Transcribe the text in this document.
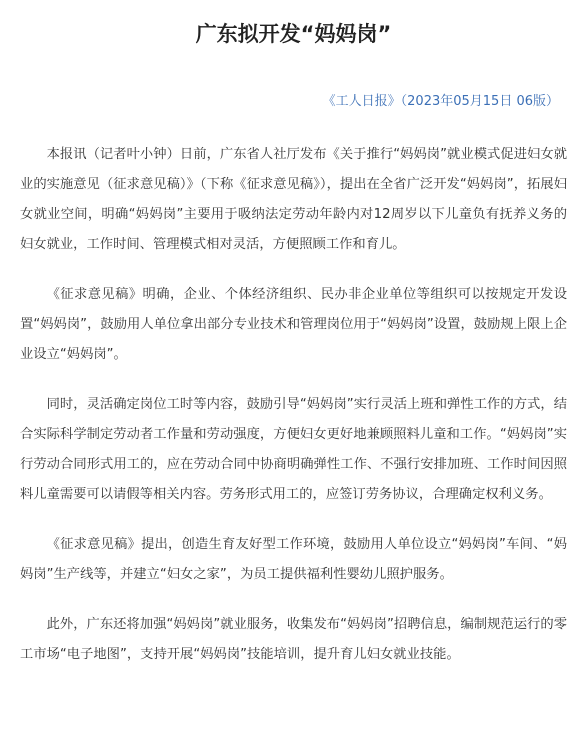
广东拟开发“妈妈岗”

《工人日报》（2023年05月15日 06版）

本报讯（记者叶小钟）日前，广东省人社厅发布《关于推行“妈妈岗”就业模式促进妇女就业的实施意见（征求意见稿）》（下称《征求意见稿》），提出在全省广泛开发“妈妈岗”，拓展妇女就业空间，明确“妈妈岗”主要用于吸纳法定劳动年龄内对12周岁以下儿童负有抚养义务的妇女就业，工作时间、管理模式相对灵活，方便照顾工作和育儿。

《征求意见稿》明确，企业、个体经济组织、民办非企业单位等组织可以按规定开发设置“妈妈岗”，鼓励用人单位拿出部分专业技术和管理岗位用于“妈妈岗”设置，鼓励规上限上企业设立“妈妈岗”。

同时，灵活确定岗位工时等内容，鼓励引导“妈妈岗”实行灵活上班和弹性工作的方式，结合实际科学制定劳动者工作量和劳动强度，方便妇女更好地兼顾照料儿童和工作。“妈妈岗”实行劳动合同形式用工的，应在劳动合同中协商明确弹性工作、不强行安排加班、工作时间因照料儿童需要可以请假等相关内容。劳务形式用工的，应签订劳务协议，合理确定权利义务。

《征求意见稿》提出，创造生育友好型工作环境，鼓励用人单位设立“妈妈岗”车间、“妈妈岗”生产线等，并建立“妇女之家”，为员工提供福利性婴幼儿照护服务。

此外，广东还将加强“妈妈岗”就业服务，收集发布“妈妈岗”招聘信息，编制规范运行的零工市场“电子地图”，支持开展“妈妈岗”技能培训，提升育儿妇女就业技能。
